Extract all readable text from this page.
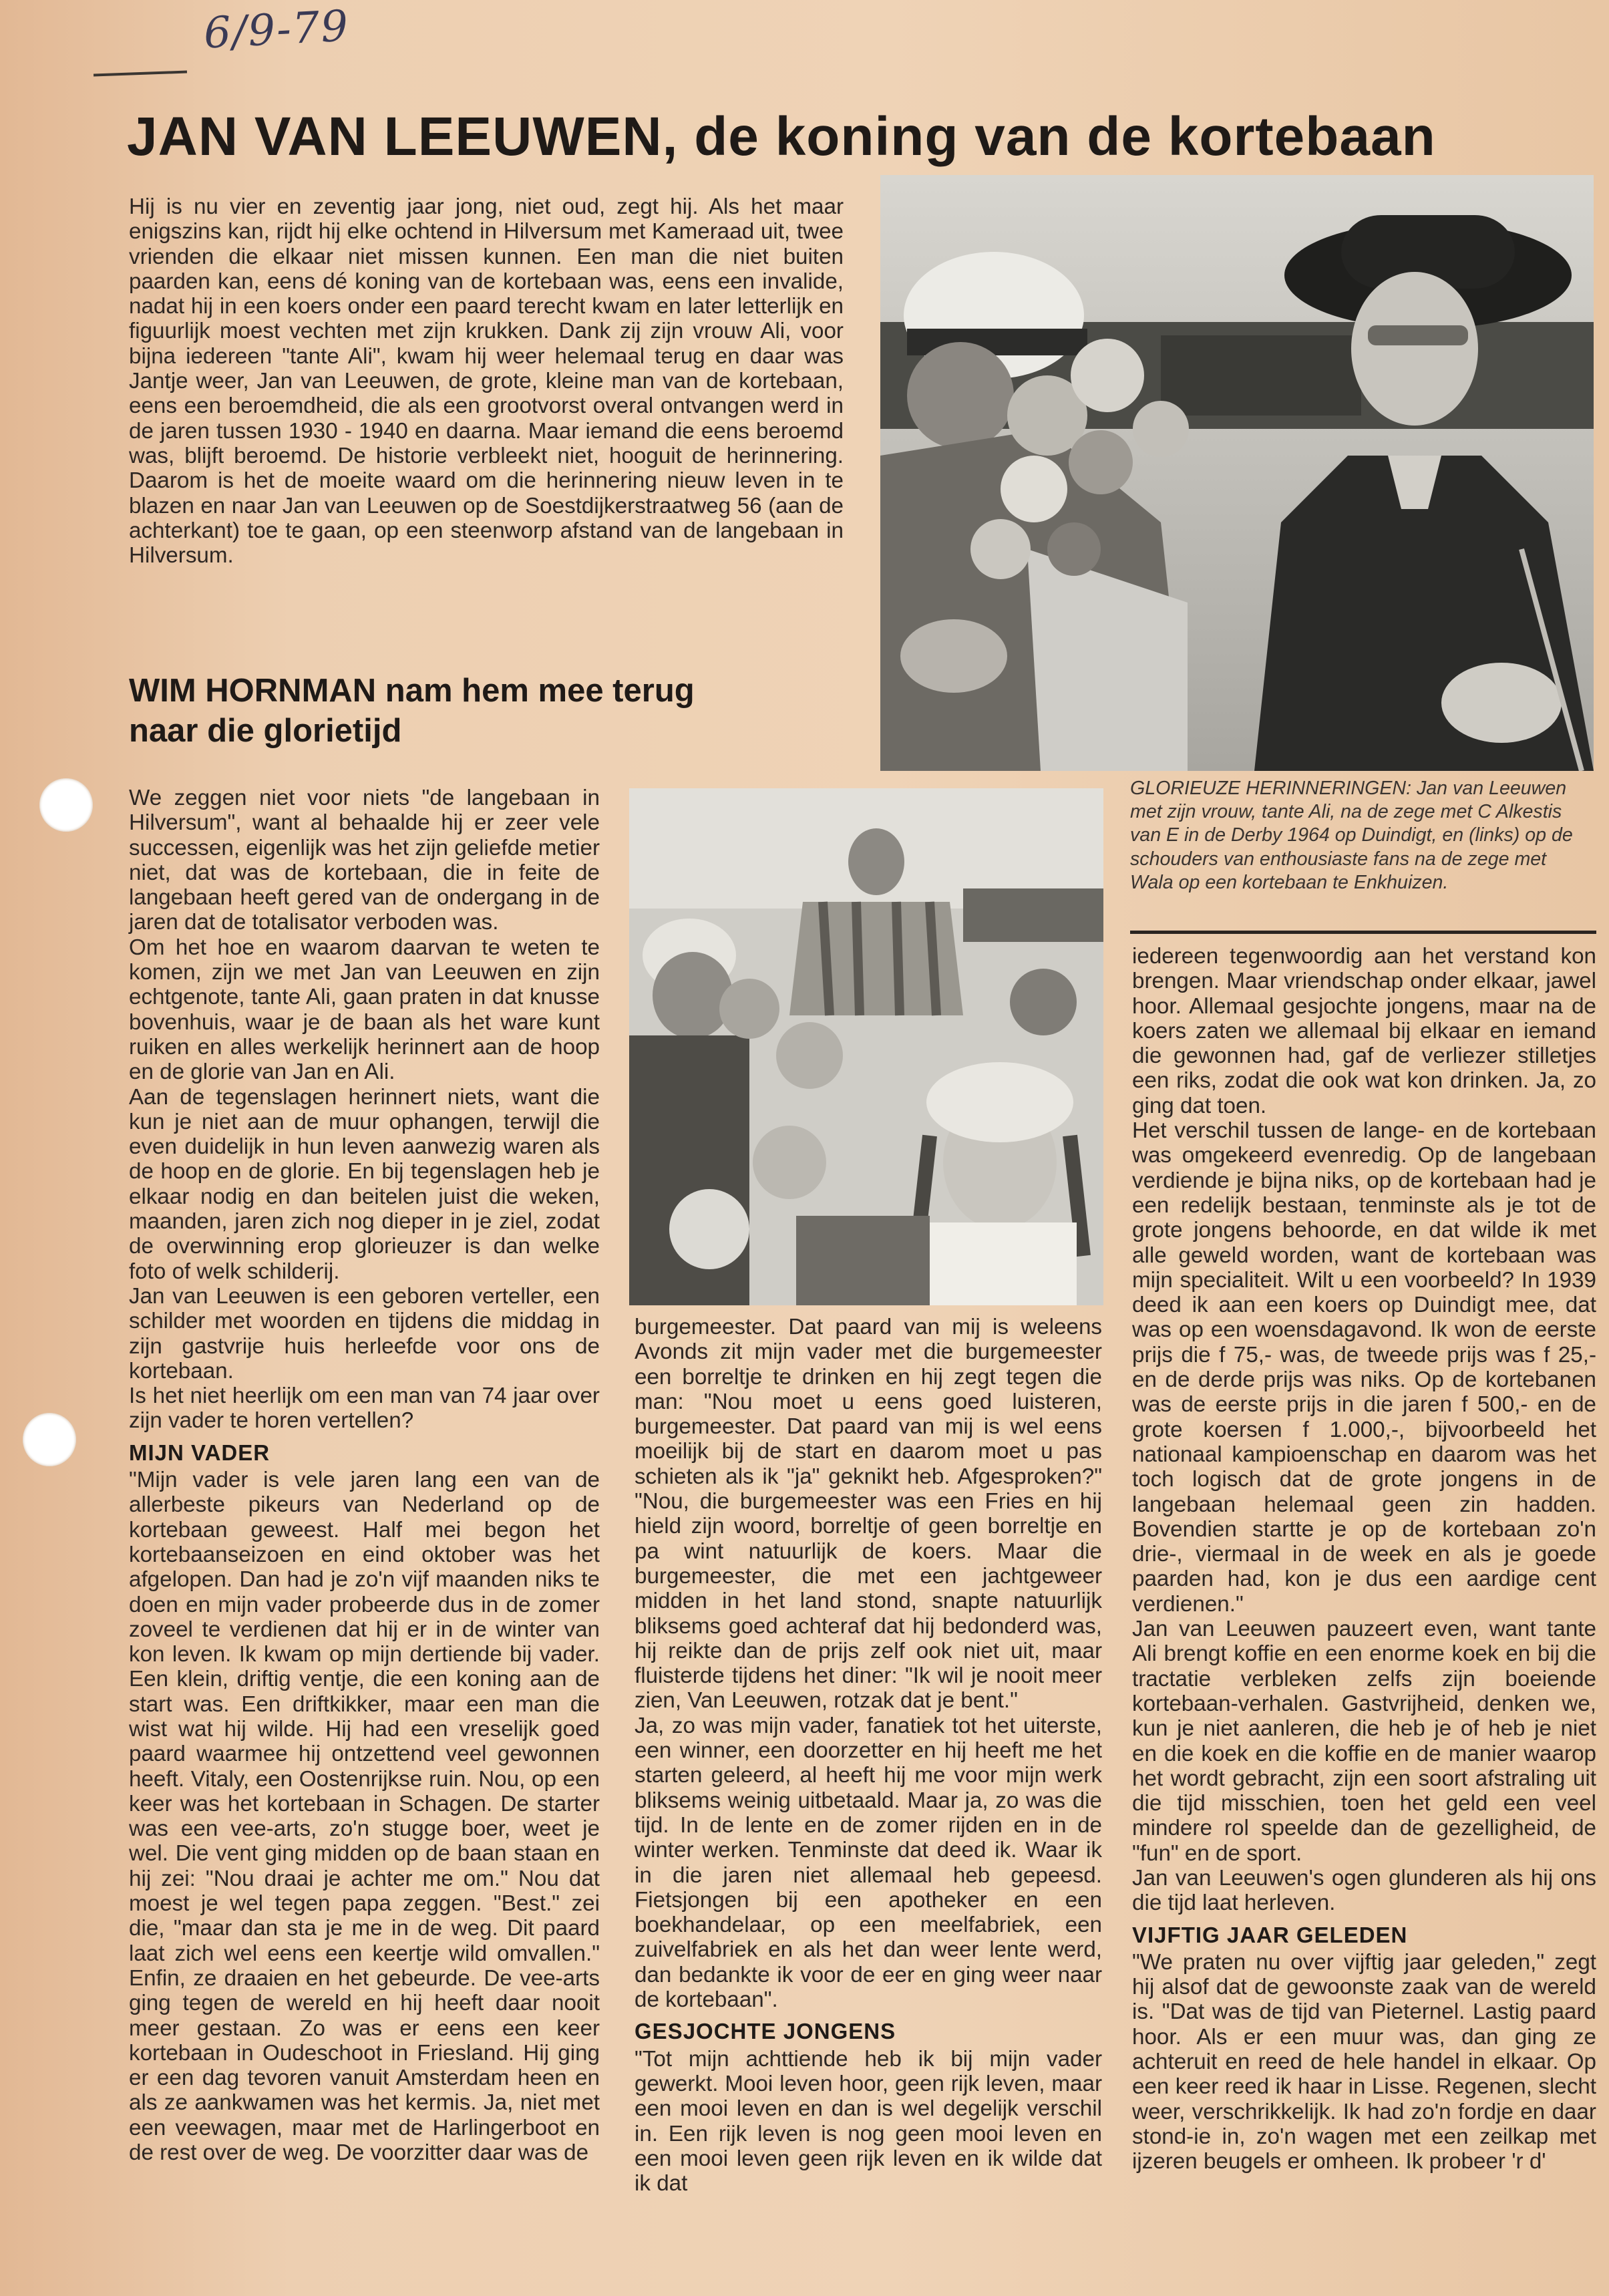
6/9-79
JAN VAN LEEUWEN, de koning van de kortebaan

Hij is nu vier en zeventig jaar jong, niet oud, zegt hij. Als het maar enigszins kan, rijdt hij elke ochtend in Hilversum met Kameraad uit, twee vrienden die elkaar niet missen kunnen. Een man die niet buiten paarden kan, eens dé koning van de kortebaan was, eens een invalide, nadat hij in een koers onder een paard terecht kwam en later letterlijk en figuurlijk moest vechten met zijn krukken. Dank zij zijn vrouw Ali, voor bijna iedereen "tante Ali", kwam hij weer helemaal terug en daar was Jantje weer, Jan van Leeuwen, de grote, kleine man van de kortebaan, eens een beroemdheid, die als een grootvorst overal ontvangen werd in de jaren tussen 1930 - 1940 en daarna. Maar iemand die eens beroemd was, blijft beroemd. De historie verbleekt niet, hooguit de herinnering. Daarom is het de moeite waard om die herinnering nieuw leven in te blazen en naar Jan van Leeuwen op de Soestdijkerstraatweg 56 (aan de achterkant) toe te gaan, op een steenworp afstand van de langebaan in Hilversum.

WIM HORNMAN nam hem mee terug
naar die glorietijd
GLORIEUZE HERINNERINGEN: Jan van Leeuwen met zijn vrouw, tante Ali, na de zege met C Alkestis van E in de Derby 1964 op Duindigt, en (links) op de schouders van enthousiaste fans na de zege met Wala op een kortebaan te Enkhuizen.

We zeggen niet voor niets "de langebaan in Hilversum", want al behaalde hij er zeer vele successen, eigenlijk was het zijn geliefde metier niet, dat was de kortebaan, die in feite de langebaan heeft gered van de ondergang in de jaren dat de totalisator verboden was.

Om het hoe en waarom daarvan te weten te komen, zijn we met Jan van Leeuwen en zijn echtgenote, tante Ali, gaan praten in dat knusse bovenhuis, waar je de baan als het ware kunt ruiken en alles werkelijk herinnert aan de hoop en de glorie van Jan en Ali.

Aan de tegenslagen herinnert niets, want die kun je niet aan de muur ophangen, terwijl die even duidelijk in hun leven aanwezig waren als de hoop en de glorie. En bij tegenslagen heb je elkaar nodig en dan beitelen juist die weken, maanden, jaren zich nog dieper in je ziel, zodat de overwinning erop glorieuzer is dan welke foto of welk schilderij.

Jan van Leeuwen is een geboren verteller, een schilder met woorden en tijdens die middag in zijn gastvrije huis herleefde voor ons de kortebaan.

Is het niet heerlijk om een man van 74 jaar over zijn vader te horen vertellen?

MIJN VADER

"Mijn vader is vele jaren lang een van de allerbeste pikeurs van Nederland op de kortebaan geweest. Half mei begon het kortebaanseizoen en eind oktober was het afgelopen. Dan had je zo'n vijf maanden niks te doen en mijn vader probeerde dus in de zomer zoveel te verdienen dat hij er in de winter van kon leven. Ik kwam op mijn dertiende bij vader. Een klein, driftig ventje, die een koning aan de start was. Een driftkikker, maar een man die wist wat hij wilde. Hij had een vreselijk goed paard waarmee hij ontzettend veel gewonnen heeft. Vitaly, een Oostenrijkse ruin. Nou, op een keer was het kortebaan in Schagen. De starter was een vee-arts, zo'n stugge boer, weet je wel. Die vent ging midden op de baan staan en hij zei: "Nou draai je achter me om." Nou dat moest je wel tegen papa zeggen. "Best." zei die, "maar dan sta je me in de weg. Dit paard laat zich wel eens een keertje wild omvallen." Enfin, ze draaien en het gebeurde. De vee-arts ging tegen de wereld en hij heeft daar nooit meer gestaan. Zo was er eens een keer kortebaan in Oudeschoot in Friesland. Hij ging er een dag tevoren vanuit Amsterdam heen en als ze aankwamen was het kermis. Ja, niet met een veewagen, maar met de Harlingerboot en de rest over de weg. De voorzitter daar was de

burgemeester. Dat paard van mij is weleens Avonds zit mijn vader met die burgemeester een borreltje te drinken en hij zegt tegen die man: "Nou moet u eens goed luisteren, burgemeester. Dat paard van mij is wel eens moeilijk bij de start en daarom moet u pas schieten als ik "ja" geknikt heb. Afgesproken?" "Nou, die burgemeester was een Fries en hij hield zijn woord, borreltje of geen borreltje en pa wint natuurlijk de koers. Maar die burgemeester, die met een jachtgeweer midden in het land stond, snapte natuurlijk bliksems goed achteraf dat hij bedonderd was, hij reikte dan de prijs zelf ook niet uit, maar fluisterde tijdens het diner: "Ik wil je nooit meer zien, Van Leeuwen, rotzak dat je bent."

Ja, zo was mijn vader, fanatiek tot het uiterste, een winner, een doorzetter en hij heeft me het starten geleerd, al heeft hij me voor mijn werk bliksems weinig uitbetaald. Maar ja, zo was die tijd. In de lente en de zomer rijden en in de winter werken. Tenminste dat deed ik. Waar ik in die jaren niet allemaal heb gepeesd. Fietsjongen bij een apotheker en een boekhandelaar, op een meelfabriek, een zuivelfabriek en als het dan weer lente werd, dan bedankte ik voor de eer en ging weer naar de kortebaan".

GESJOCHTE JONGENS

"Tot mijn achttiende heb ik bij mijn vader gewerkt. Mooi leven hoor, geen rijk leven, maar een mooi leven en dan is wel degelijk verschil in. Een rijk leven is nog geen mooi leven en een mooi leven geen rijk leven en ik wilde dat ik dat

iedereen tegenwoordig aan het verstand kon brengen. Maar vriendschap onder elkaar, jawel hoor. Allemaal gesjochte jongens, maar na de koers zaten we allemaal bij elkaar en iemand die gewonnen had, gaf de verliezer stilletjes een riks, zodat die ook wat kon drinken. Ja, zo ging dat toen.

Het verschil tussen de lange- en de kortebaan was omgekeerd evenredig. Op de langebaan verdiende je bijna niks, op de kortebaan had je een redelijk bestaan, tenminste als je tot de grote jongens behoorde, en dat wilde ik met alle geweld worden, want de kortebaan was mijn specialiteit. Wilt u een voorbeeld? In 1939 deed ik aan een koers op Duindigt mee, dat was op een woensdagavond. Ik won de eerste prijs die f 75,- was, de tweede prijs was f 25,- en de derde prijs was niks. Op de kortebanen was de eerste prijs in die jaren f 500,- en de grote koersen f 1.000,-, bijvoorbeeld het nationaal kampioenschap en daarom was het toch logisch dat de grote jongens in de langebaan helemaal geen zin hadden. Bovendien startte je op de kortebaan zo'n drie-, viermaal in de week en als je goede paarden had, kon je dus een aardige cent verdienen."

Jan van Leeuwen pauzeert even, want tante Ali brengt koffie en een enorme koek en bij die tractatie verbleken zelfs zijn boeiende kortebaan-verhalen. Gastvrijheid, denken we, kun je niet aanleren, die heb je of heb je niet en die koek en die koffie en de manier waarop het wordt gebracht, zijn een soort afstraling uit die tijd misschien, toen het geld een veel mindere rol speelde dan de gezelligheid, de "fun" en de sport.

Jan van Leeuwen's ogen glunderen als hij ons die tijd laat herleven.

VIJFTIG JAAR GELEDEN

"We praten nu over vijftig jaar geleden," zegt hij alsof dat de gewoonste zaak van de wereld is. "Dat was de tijd van Pieternel. Lastig paard hoor. Als er een muur was, dan ging ze achteruit en reed de hele handel in elkaar. Op een keer reed ik haar in Lisse. Regenen, slecht weer, verschrikkelijk. Ik had zo'n fordje en daar stond-ie in, zo'n wagen met een zeilkap met ijzeren beugels er omheen. Ik probeer 'r d'
